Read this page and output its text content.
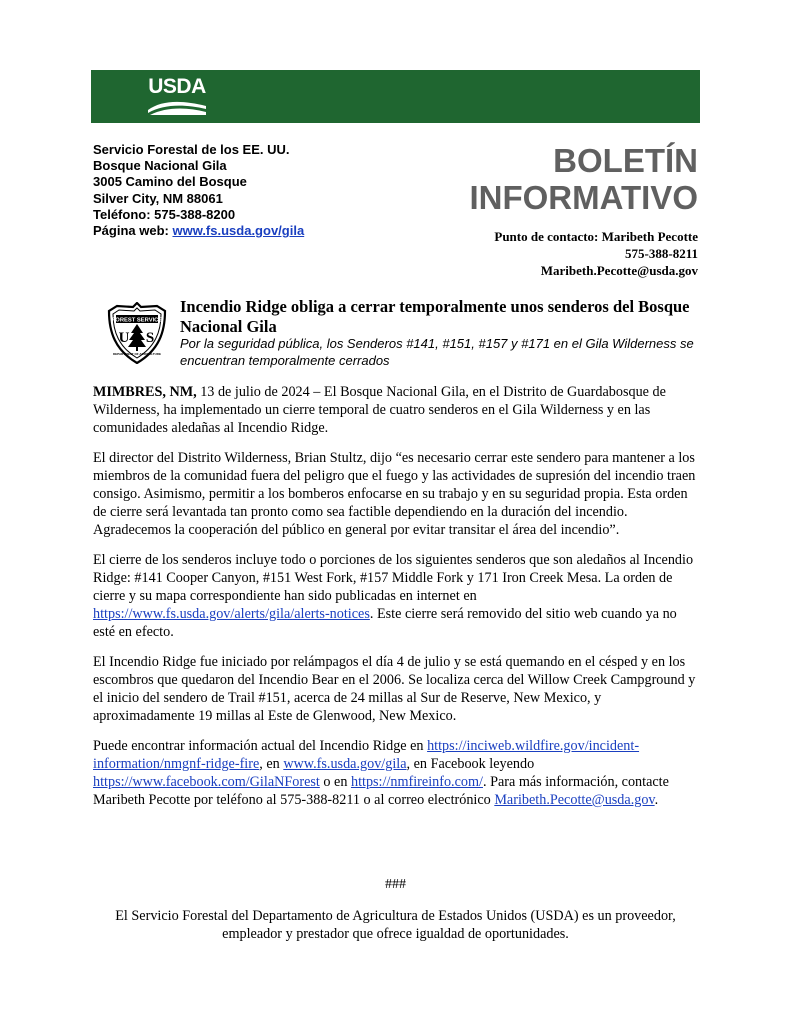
USDA
Servicio Forestal de los EE. UU.
Bosque Nacional Gila
3005 Camino del Bosque
Silver City, NM 88061
Teléfono: 575-388-8200
Página web: www.fs.usda.gov/gila
BOLETÍN
INFORMATIVO
Punto de contacto: Maribeth Pecotte
575-388-8211
Maribeth.Pecotte@usda.gov
FOREST SERVICE
U S
DEPARTMENT OF AGRICULTURE
Incendio Ridge obliga a cerrar temporalmente unos senderos del Bosque Nacional Gila
Por la seguridad pública, los Senderos #141, #151, #157 y #171 en el Gila Wilderness se encuentran temporalmente cerrados

MIMBRES, NM, 13 de julio de 2024 – El Bosque Nacional Gila, en el Distrito de Guardabosque de Wilderness, ha implementado un cierre temporal de cuatro senderos en el Gila Wilderness y en las comunidades aledañas al Incendio Ridge.

El director del Distrito Wilderness, Brian Stultz, dijo “es necesario cerrar este sendero para mantener a los miembros de la comunidad fuera del peligro que el fuego y las actividades de supresión del incendio traen consigo. Asimismo, permitir a los bomberos enfocarse en su trabajo y en su seguridad propia. Esta orden de cierre será levantada tan pronto como sea factible dependiendo en la duración del incendio. Agradecemos la cooperación del público en general por evitar transitar el área del incendio”.

El cierre de los senderos incluye todo o porciones de los siguientes senderos que son aledaños al Incendio Ridge: #141 Cooper Canyon, #151 West Fork, #157 Middle Fork y 171 Iron Creek Mesa. La orden de cierre y su mapa correspondiente han sido publicadas en internet en https://www.fs.usda.gov/alerts/gila/alerts-notices. Este cierre será removido del sitio web cuando ya no esté en efecto.

El Incendio Ridge fue iniciado por relámpagos el día 4 de julio y se está quemando en el césped y en los escombros que quedaron del Incendio Bear en el 2006. Se localiza cerca del Willow Creek Campground y el inicio del sendero de Trail #151, acerca de 24 millas al Sur de Reserve, New Mexico, y aproximadamente 19 millas al Este de Glenwood, New Mexico.

Puede encontrar información actual del Incendio Ridge en https://inciweb.wildfire.gov/incident-information/nmgnf-ridge-fire, en www.fs.usda.gov/gila, en Facebook leyendo https://www.facebook.com/GilaNForest o en https://nmfireinfo.com/. Para más información, contacte Maribeth Pecotte por teléfono al 575-388-8211 o al correo electrónico Maribeth.Pecotte@usda.gov.

###
El Servicio Forestal del Departamento de Agricultura de Estados Unidos (USDA) es un proveedor, empleador y prestador que ofrece igualdad de oportunidades.
